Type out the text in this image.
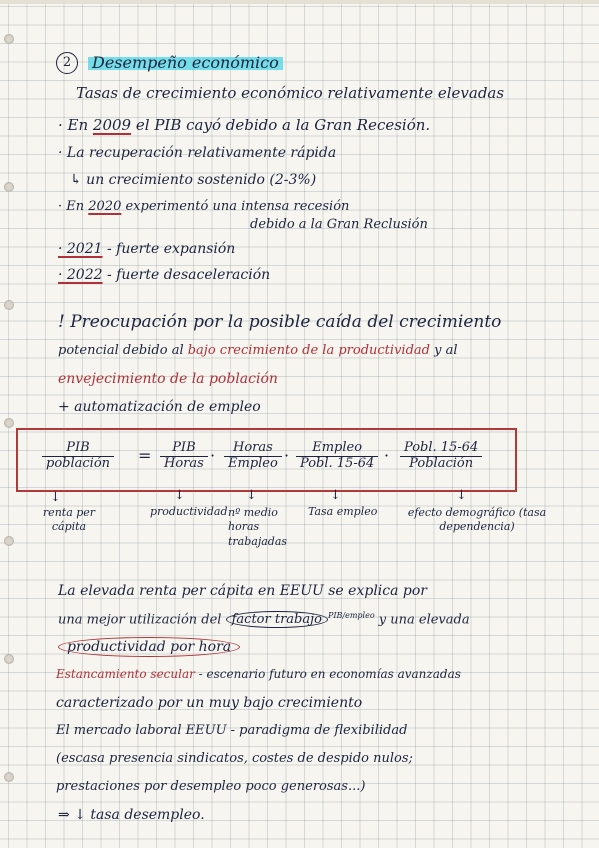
2 Desempeño económico
Tasas de crecimiento económico relativamente elevadas
· En 2009 el PIB cayó debido a la Gran Recesión.
· La recuperación relativamente rápida
↳ un crecimiento sostenido (2-3%)
· En 2020 experimentó una intensa recesión
debido a la Gran Reclusión
· 2021 - fuerte expansión
· 2022 - fuerte desaceleración
! Preocupación por la posible caída del crecimiento
potencial debido al bajo crecimiento de la productividad y al
envejecimiento de la población
+ automatización de empleo
PIB
población =	PIB
Horas ·	Horas
Empleo ·	Empleo
Pobl. 15-64 ·	Pobl. 15-64
Población
↓	↓	↓	↓	↓
renta per cápita
productividad nº medio horas trabajadas
Tasa empleo	efecto demográfico (tasa dependencia)
La elevada renta per cápita en EEUU se explica por
una mejor utilización del factor trabajo $^{PIB/empleo}$ y una elevada
productividad por hora
Estancamiento secular - escenario futuro en economías avanzadas
caracterizado por un muy bajo crecimiento
El mercado laboral EEUU - paradigma de flexibilidad
(escasa presencia sindicatos, costes de despido nulos;
prestaciones por desempleo poco generosas...)
⇒ ↓ tasa desempleo.
